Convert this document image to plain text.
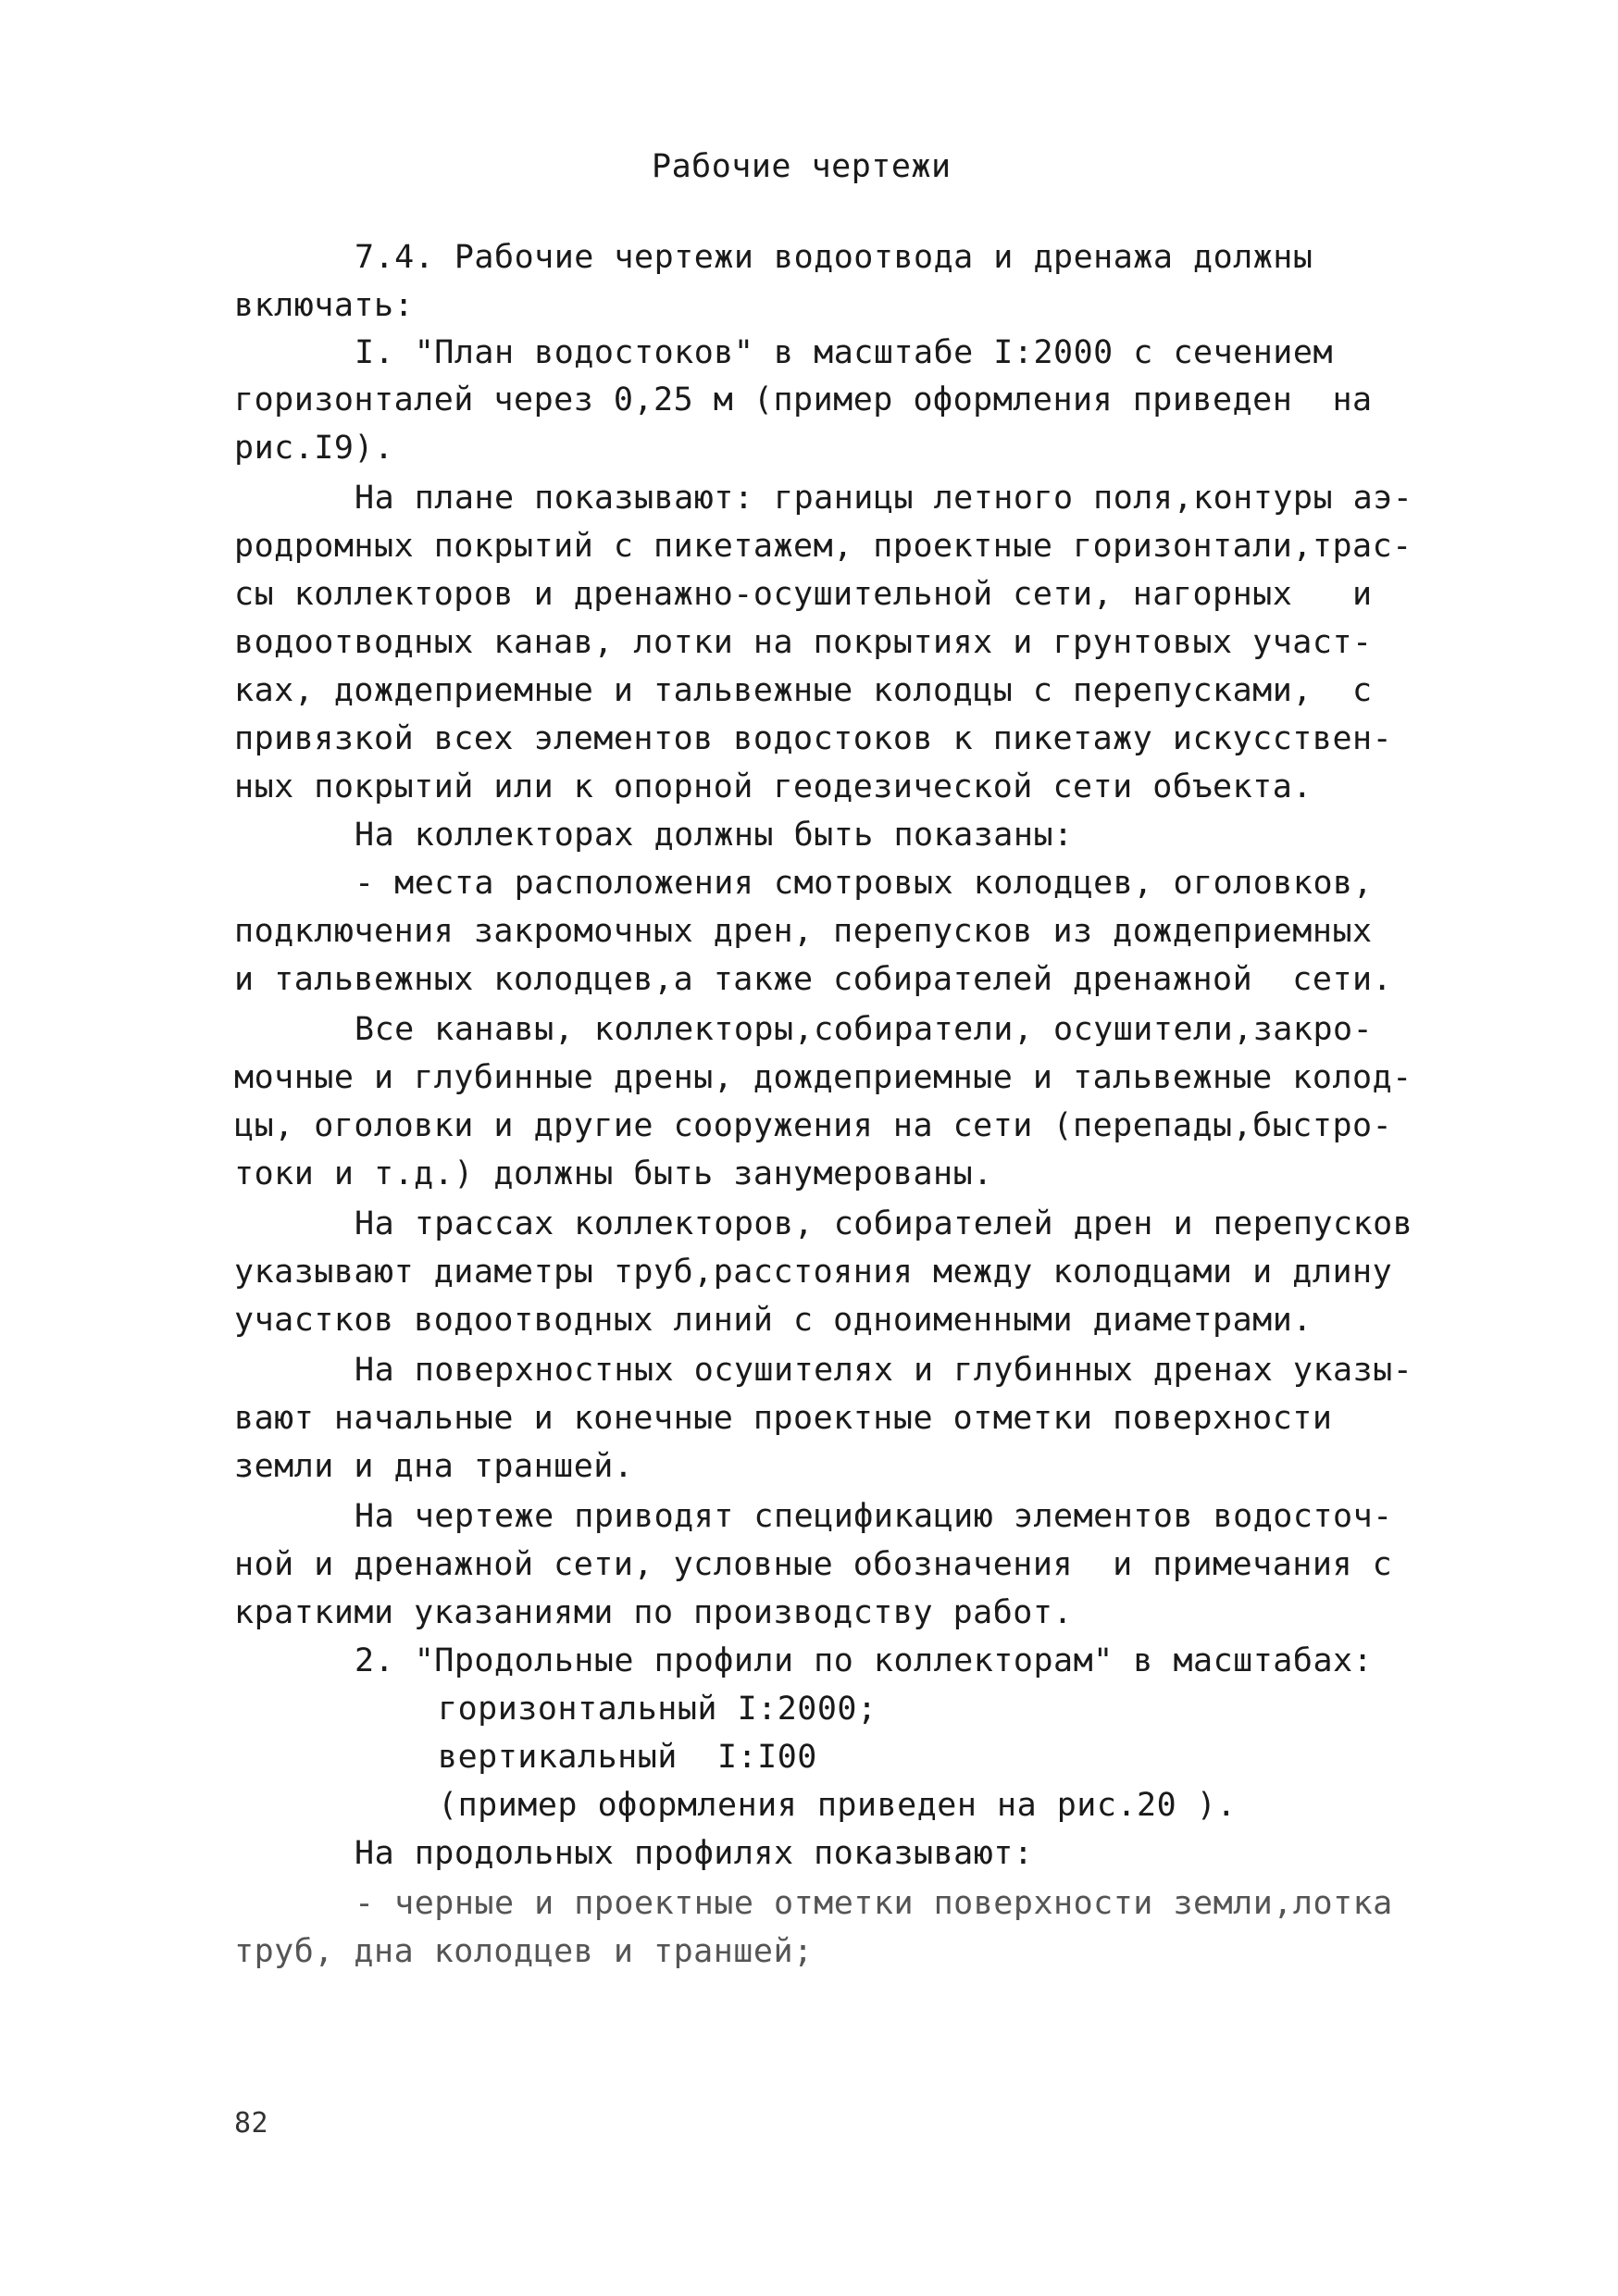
Рабочие чертежи
7.4. Рабочие чертежи водоотвода и дренажа должны
включать:
I. "План водостоков" в масштабе I:2000 с сечением
горизонталей через 0,25 м (пример оформления приведен  на
рис.I9).
На плане показывают: границы летного поля,контуры аэ-
родромных покрытий с пикетажем, проектные горизонтали,трас-
сы коллекторов и дренажно-осушительной сети, нагорных   и
водоотводных канав, лотки на покрытиях и грунтовых участ-
ках, дождеприемные и тальвежные колодцы с перепусками,  с
привязкой всех элементов водостоков к пикетажу искусствен-
ных покрытий или к опорной геодезической сети объекта.
На коллекторах должны быть показаны:
- места расположения смотровых колодцев, оголовков,
подключения закромочных дрен, перепусков из дождеприемных
и тальвежных колодцев,а также собирателей дренажной  сети.
Все канавы, коллекторы,собиратели, осушители,закро-
мочные и глубинные дрены, дождеприемные и тальвежные колод-
цы, оголовки и другие сооружения на сети (перепады,быстро-
токи и т.д.) должны быть занумерованы.
На трассах коллекторов, собирателей дрен и перепусков
указывают диаметры труб,расстояния между колодцами и длину
участков водоотводных линий с одноименными диаметрами.
На поверхностных осушителях и глубинных дренах указы-
вают начальные и конечные проектные отметки поверхности
земли и дна траншей.
На чертеже приводят спецификацию элементов водосточ-
ной и дренажной сети, условные обозначения  и примечания с
краткими указаниями по производству работ.
2. "Продольные профили по коллекторам" в масштабах:
горизонтальный I:2000;
вертикальный  I:I00
(пример оформления приведен на рис.20 ).
На продольных профилях показывают:
- черные и проектные отметки поверхности земли,лотка
труб, дна колодцев и траншей;
82
